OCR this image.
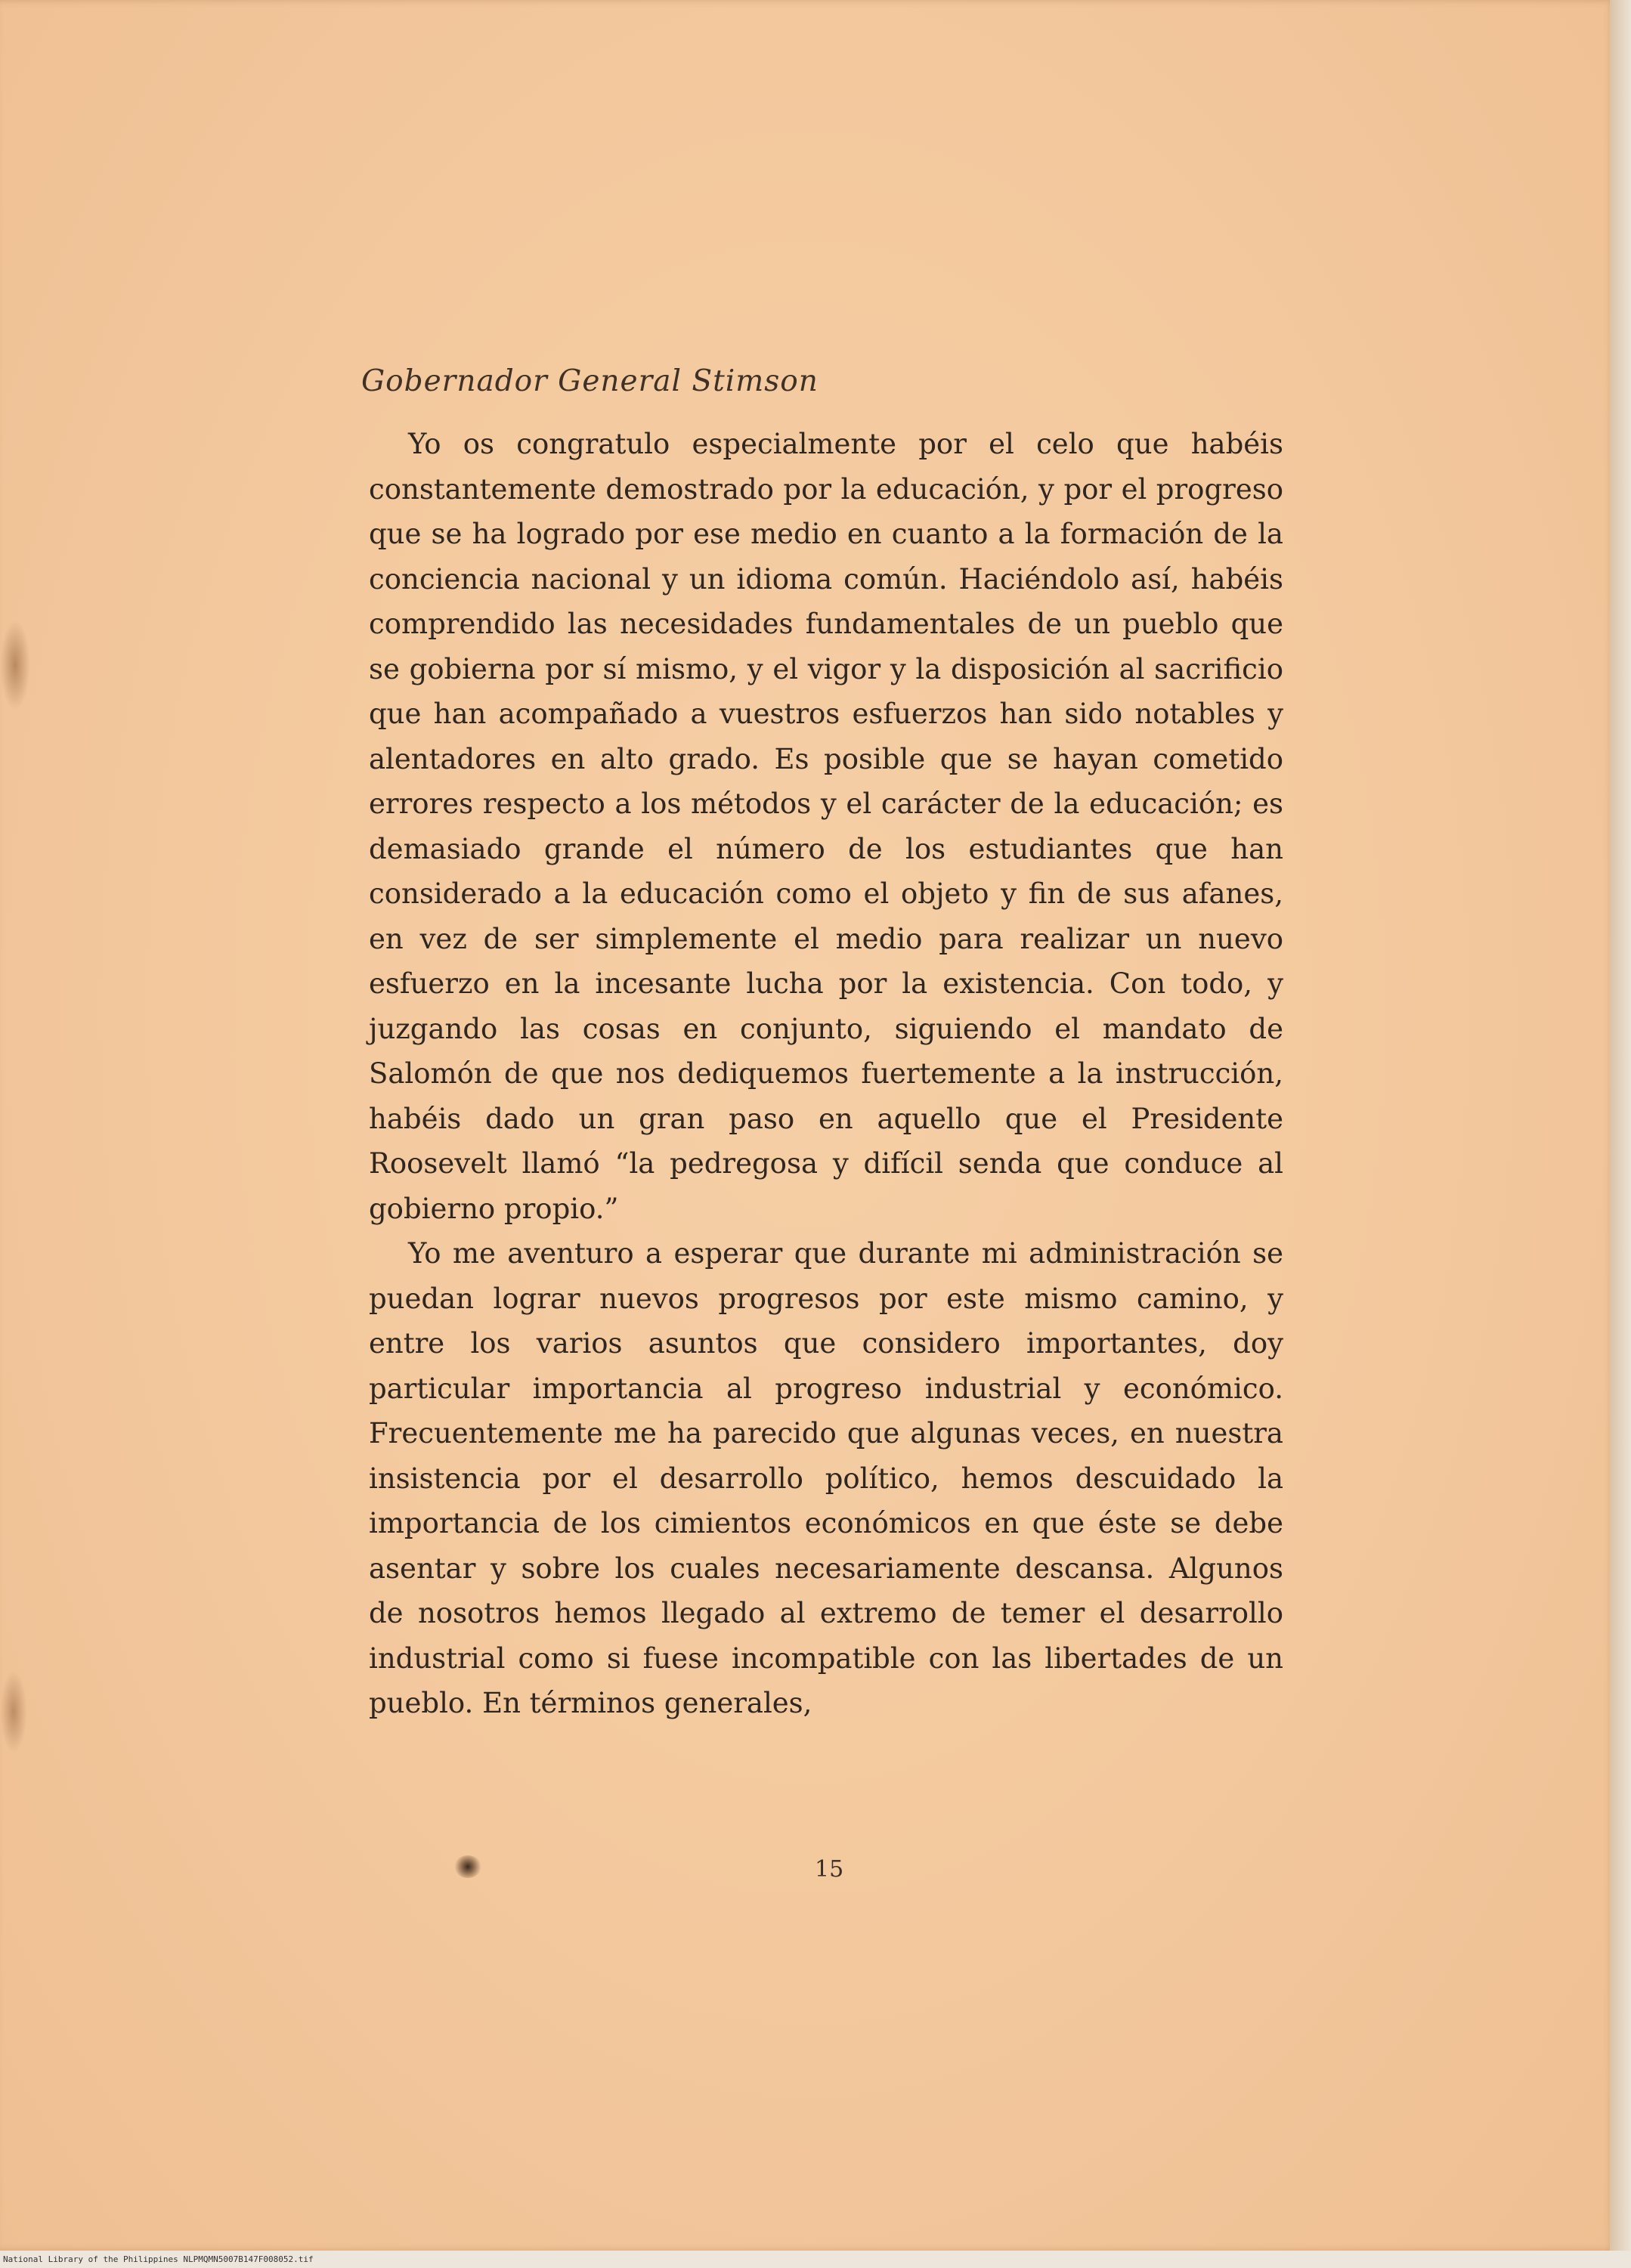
Gobernador General Stimson

Yo os congratulo especialmente por el celo que habéis constantemente demostrado por la educación, y por el progreso que se ha logrado por ese medio en cuanto a la formación de la conciencia nacional y un idioma común. Haciéndolo así, habéis comprendido las necesidades fundamentales de un pueblo que se gobierna por sí mismo, y el vigor y la disposición al sacrificio que han acompañado a vuestros esfuerzos han sido notables y alentadores en alto grado. Es posible que se hayan cometido errores respecto a los métodos y el carácter de la educación; es demasiado grande el número de los estudiantes que han considerado a la educación como el objeto y fin de sus afanes, en vez de ser simplemente el medio para realizar un nuevo esfuerzo en la incesante lucha por la existencia. Con todo, y juzgando las cosas en conjunto, siguiendo el mandato de Salomón de que nos dediquemos fuertemente a la instrucción, habéis dado un gran paso en aquello que el Presidente Roosevelt llamó “la pedregosa y difícil senda que conduce al gobierno propio.”

Yo me aventuro a esperar que durante mi administración se puedan lograr nuevos progresos por este mismo camino, y entre los varios asuntos que considero importantes, doy particular importancia al progreso industrial y económico. Frecuentemente me ha parecido que algunas veces, en nuestra insistencia por el desarrollo político, hemos descuidado la importancia de los cimientos económicos en que éste se debe asentar y sobre los cuales necesariamente descansa. Algunos de nosotros hemos llegado al extremo de temer el desarrollo industrial como si fuese incompatible con las libertades de un pueblo. En términos generales,

15
National Library of the Philippines NLPMQMN5007B147F008052.tif
